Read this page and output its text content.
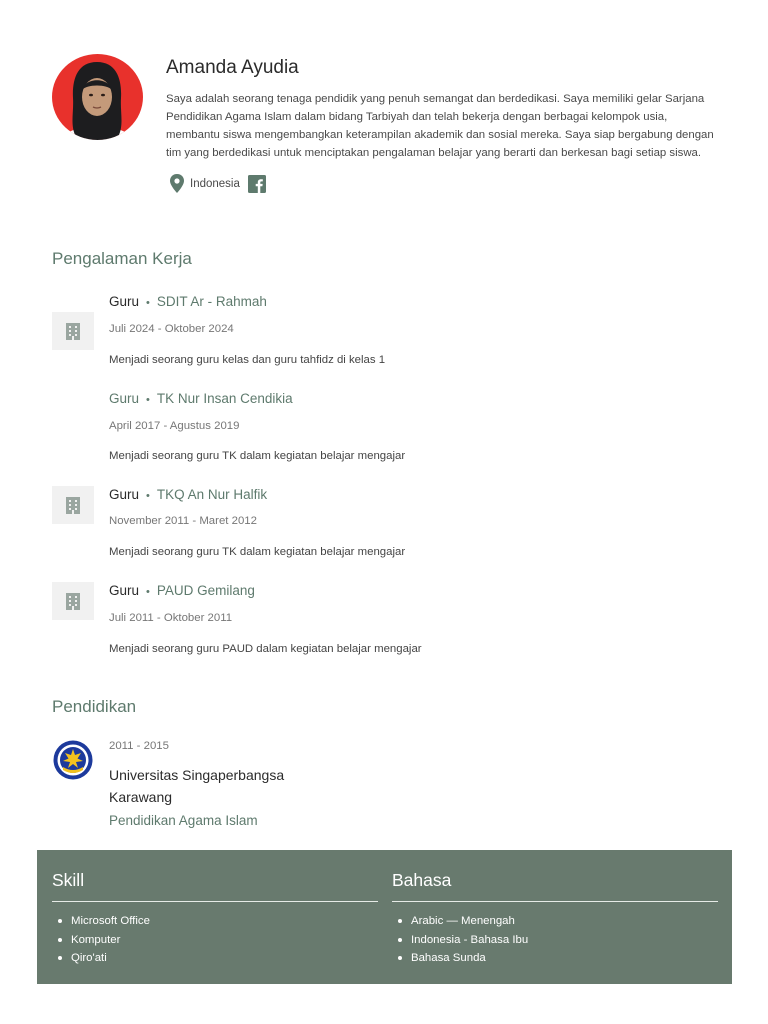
Amanda Ayudia
Saya adalah seorang tenaga pendidik yang penuh semangat dan berdedikasi. Saya memiliki gelar Sarjana Pendidikan Agama Islam dalam bidang Tarbiyah dan telah bekerja dengan berbagai kelompok usia, membantu siswa mengembangkan keterampilan akademik dan sosial mereka. Saya siap bergabung dengan tim yang berdedikasi untuk menciptakan pengalaman belajar yang berarti dan berkesan bagi setiap siswa.
Indonesia
Pengalaman Kerja
Guru • SDIT Ar - Rahmah
Juli 2024 - Oktober 2024
Menjadi seorang guru kelas dan guru tahfidz di kelas 1
Guru • TK Nur Insan Cendikia
April 2017 - Agustus 2019
Menjadi seorang guru TK dalam kegiatan belajar mengajar
Guru • TKQ An Nur Halfik
November 2011 - Maret 2012
Menjadi seorang guru TK dalam kegiatan belajar mengajar
Guru • PAUD Gemilang
Juli 2011 - Oktober 2011
Menjadi seorang guru PAUD dalam kegiatan belajar mengajar
Pendidikan
2011 - 2015
Universitas Singaperbangsa Karawang
Pendidikan Agama Islam
Skill
Microsoft Office
Komputer
Qiro'ati
Bahasa
Arabic — Menengah
Indonesia - Bahasa Ibu
Bahasa Sunda
